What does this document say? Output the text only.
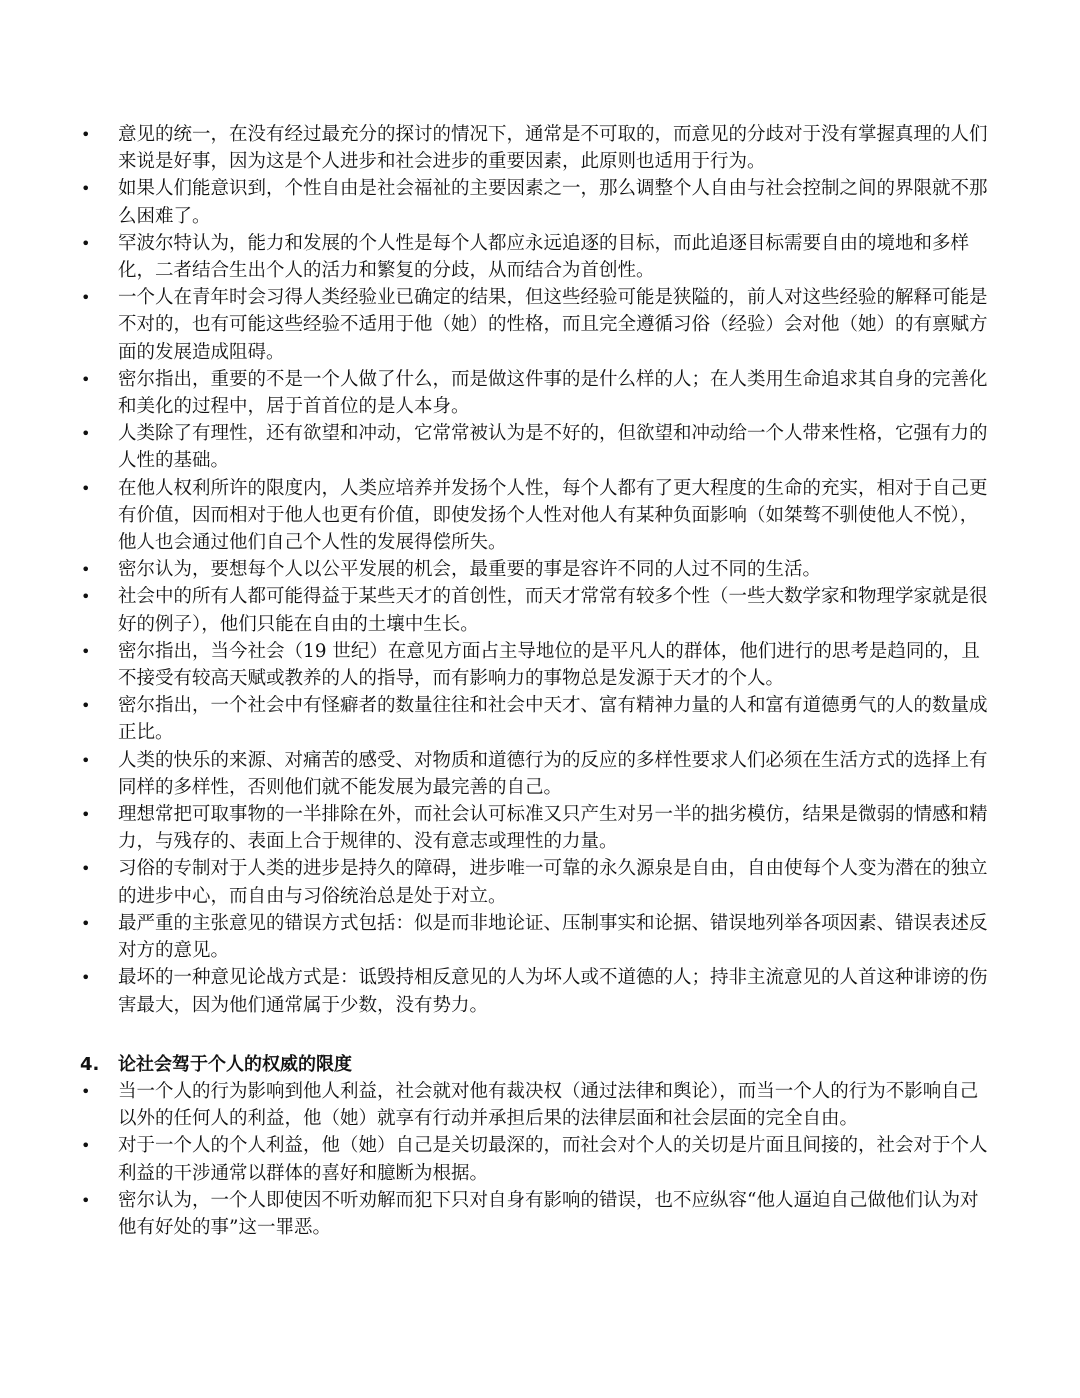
• 意见的统一，在没有经过最充分的探讨的情况下，通常是不可取的，而意见的分歧对于没有掌握真理的人们来说是好事，因为这是个人进步和社会进步的重要因素，此原则也适用于行为。
• 如果人们能意识到，个性自由是社会福祉的主要因素之一，那么调整个人自由与社会控制之间的界限就不那么困难了。
• 罕波尔特认为，能力和发展的个人性是每个人都应永远追逐的目标，而此追逐目标需要自由的境地和多样化，二者结合生出个人的活力和繁复的分歧，从而结合为首创性。
• 一个人在青年时会习得人类经验业已确定的结果，但这些经验可能是狭隘的，前人对这些经验的解释可能是不对的，也有可能这些经验不适用于他（她）的性格，而且完全遵循习俗（经验）会对他（她）的有禀赋方面的发展造成阻碍。
• 密尔指出，重要的不是一个人做了什么，而是做这件事的是什么样的人；在人类用生命追求其自身的完善化和美化的过程中，居于首首位的是人本身。
• 人类除了有理性，还有欲望和冲动，它常常被认为是不好的，但欲望和冲动给一个人带来性格，它强有力的人性的基础。
• 在他人权利所许的限度内，人类应培养并发扬个人性，每个人都有了更大程度的生命的充实，相对于自己更有价值，因而相对于他人也更有价值，即使发扬个人性对他人有某种负面影响（如桀骜不驯使他人不悦），他人也会通过他们自己个人性的发展得偿所失。
• 密尔认为，要想每个人以公平发展的机会，最重要的事是容许不同的人过不同的生活。
• 社会中的所有人都可能得益于某些天才的首创性，而天才常常有较多个性（一些大数学家和物理学家就是很好的例子），他们只能在自由的土壤中生长。
• 密尔指出，当今社会（19 世纪）在意见方面占主导地位的是平凡人的群体，他们进行的思考是趋同的，且不接受有较高天赋或教养的人的指导，而有影响力的事物总是发源于天才的个人。
• 密尔指出，一个社会中有怪癖者的数量往往和社会中天才、富有精神力量的人和富有道德勇气的人的数量成正比。
• 人类的快乐的来源、对痛苦的感受、对物质和道德行为的反应的多样性要求人们必须在生活方式的选择上有同样的多样性，否则他们就不能发展为最完善的自己。
• 理想常把可取事物的一半排除在外，而社会认可标准又只产生对另一半的拙劣模仿，结果是微弱的情感和精力，与残存的、表面上合于规律的、没有意志或理性的力量。
• 习俗的专制对于人类的进步是持久的障碍，进步唯一可靠的永久源泉是自由，自由使每个人变为潜在的独立的进步中心，而自由与习俗统治总是处于对立。
• 最严重的主张意见的错误方式包括：似是而非地论证、压制事实和论据、错误地列举各项因素、错误表述反对方的意见。
• 最坏的一种意见论战方式是：诋毁持相反意见的人为坏人或不道德的人；持非主流意见的人首这种诽谤的伤害最大，因为他们通常属于少数，没有势力。
4.	论社会驾于个人的权威的限度
• 当一个人的行为影响到他人利益，社会就对他有裁决权（通过法律和舆论），而当一个人的行为不影响自己以外的任何人的利益，他（她）就享有行动并承担后果的法律层面和社会层面的完全自由。
• 对于一个人的个人利益，他（她）自己是关切最深的，而社会对个人的关切是片面且间接的，社会对于个人利益的干涉通常以群体的喜好和臆断为根据。
• 密尔认为，一个人即使因不听劝解而犯下只对自身有影响的错误，也不应纵容“他人逼迫自己做他们认为对他有好处的事”这一罪恶。
